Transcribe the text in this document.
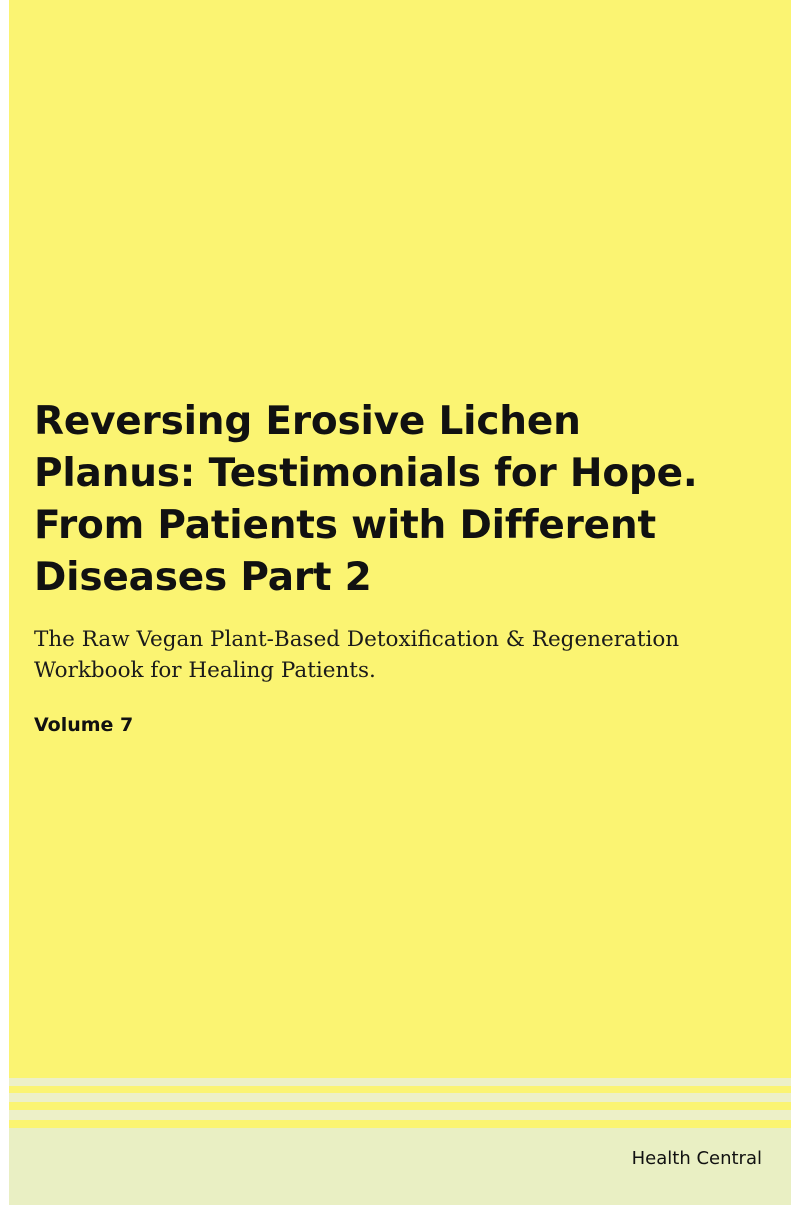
Reversing Erosive Lichen Planus: Testimonials for Hope. From Patients with Different Diseases Part 2

The Raw Vegan Plant-Based Detoxification & Regeneration Workbook for Healing Patients.

Volume 7

Health Central
